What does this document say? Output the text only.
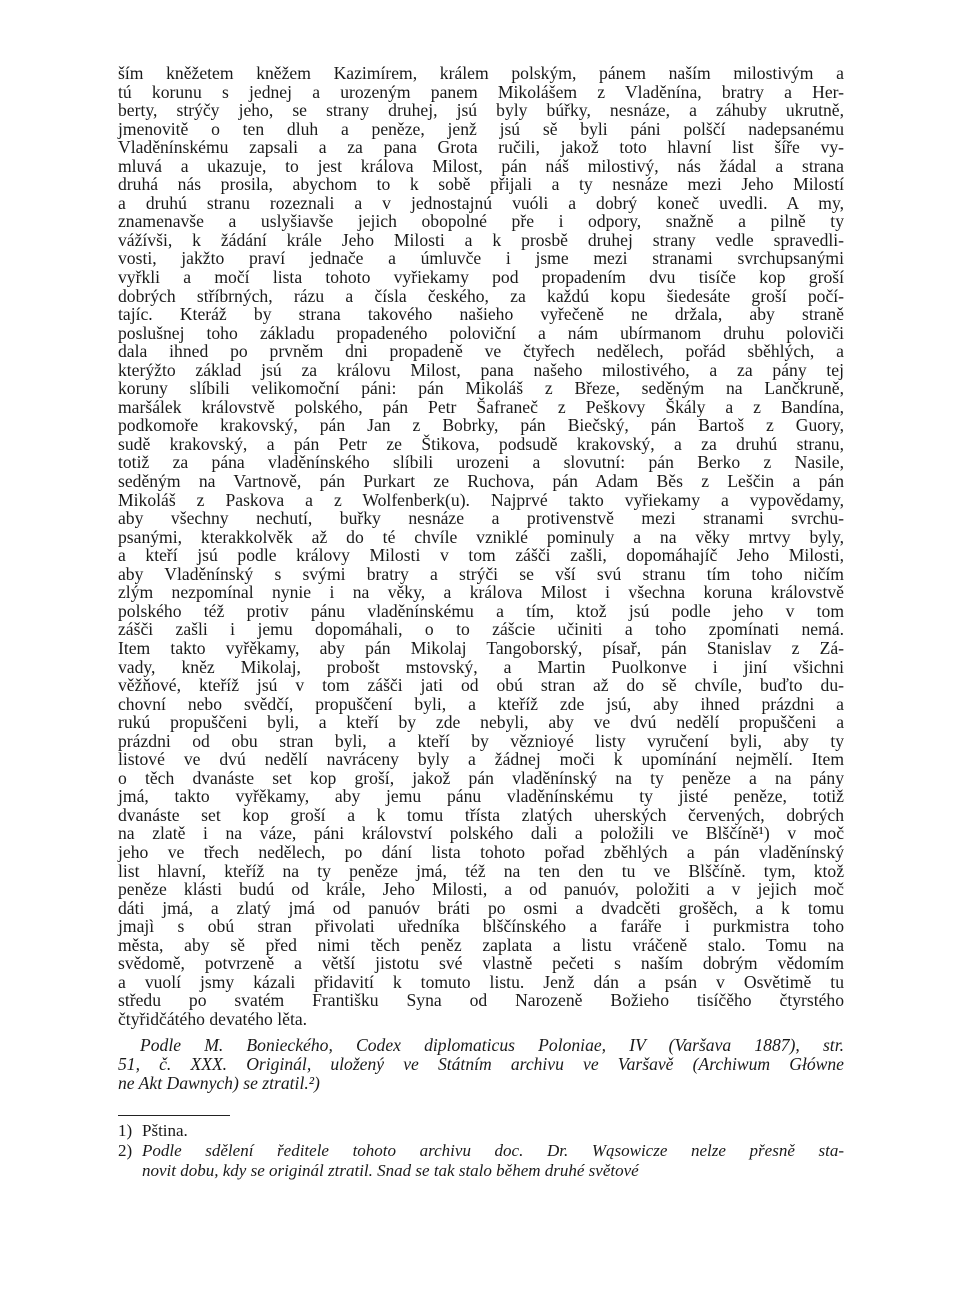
ším kněžetem kněžem Kazimírem, králem polským, pánem naším milostivým a
tú korunu s jednej a urozeným panem Mikolášem z Vladěnína, bratry a Her-
berty, strýčy jeho, se strany druhej, jsú byly búřky, nesnáze, a záhuby ukrutně,
jmenovitě o ten dluh a peněze, jenž jsú sě byli páni polščí nadepsanému
Vladěnínskému zapsali a za pana Grota ručili, jakož toto hlavní list šíře vy-
mluvá a ukazuje, to jest králova Milost, pán náš milostivý, nás žádal a strana
druhá nás prosila, abychom to k sobě přijali a ty nesnáze mezi Jeho Milostí
a druhú stranu rozeznali a v jednostajnú vuóli a dobrý koneč uvedli. A my,
znamenavše a uslyšiavše jejich obopolné pře i odpory, snažně a pilně ty
vážívši, k žádání krále Jeho Milosti a k prosbě druhej strany vedle spravedli-
vosti, jakžto praví jednače a úmluvče i jsme mezi stranami svrchupsanými
vyřkli a močí lista tohoto vyřiekamy pod propadením dvu tisíče kop groší
dobrých stříbrných, rázu a čísla českého, za každú kopu šiedesáte groší počí-
tajíc. Kteráž by strana takového našieho vyřečeně ne držala, aby straně
poslušnej toho základu propadeného poloviční a nám ubírmanom druhu poloviči
dala ihned po prvněm dni propadeně ve čtyřech nedělech, pořád sběhlých, a
kterýžto základ jsú za královu Milost, pana našeho milostivého, a za pány tej
koruny slíbili velikomoční páni: pán Mikoláš z Březe, seděným na Lančkruně,
maršálek královstvě polského, pán Petr Šafraneč z Peškovy Škály a z Bandína,
podkomoře krakovský, pán Jan z Bobrky, pán Biečský, pán Bartoš z Guory,
sudě krakovský, a pán Petr ze Štikova, podsudě krakovský, a za druhú stranu,
totiž za pána vladěnínského slíbili urozeni a slovutní: pán Berko z Nasile,
seděným na Vartnově, pán Purkart ze Ruchova, pán Adam Běs z Leščin a pán
Mikoláš z Paskova a z Wolfenberk(u). Najprvé takto vyřiekamy a vypovědamy,
aby všechny nechutí, buřky nesnáze a protivenstvě mezi stranami svrchu-
psanými, kterakkolvěk až do té chvíle vzniklé pominuly a na věky mrtvy byly,
a kteří jsú podle královy Milosti v tom zášči zašli, dopomáhajíč Jeho Milosti,
aby Vladěnínský s svými bratry a strýči se vší svú stranu tím toho ničím
zlým nezpomínal nynie i na věky, a králova Milost i všechna koruna královstvě
polského též protiv pánu vladěnínskému a tím, ktož jsú podle jeho v tom
zášči zašli i jemu dopomáhali, o to zášcie učiniti a toho zpomínati nemá.
Item takto vyřěkamy, aby pán Mikolaj Tangoborský, písař, pán Stanislav z Zá-
vady, kněz Mikolaj, probošt mstovský, a Martin Puolkonve i jiní všichni
věžňové, kteříž jsú v tom zášči jati od obú stran až do sě chvíle, buďto du-
chovní nebo svědčí, propuščení byli, a kteříž zde jsú, aby ihned prázdni a
rukú propuščeni byli, a kteří by zde nebyli, aby ve dvú nedělí propuščeni a
prázdni od obu stran byli, a kteří by věznioyé listy vyručení byli, aby ty
listové ve dvú nedělí navráceny byly a žádnej moči k upomínání nejmělí. Item
o těch dvanáste set kop groší, jakož pán vladěnínský na ty peněze a na pány
jmá, takto vyřěkamy, aby jemu pánu vladěnínskému ty jisté peněze, totiž
dvanáste set kop groší a k tomu třísta zlatých uherských červených, dobrých
na zlatě i na váze, páni království polského dali a položili ve Blščíně¹) v moč
jeho ve třech nedělech, po dání lista tohoto pořad zběhlých a pán vladěnínský
list hlavní, kteříž na ty peněze jmá, též na ten den tu ve Blščíně. tym, ktož
peněze klásti budú od krále, Jeho Milosti, a od panuóv, položiti a v jejich moč
dáti jmá, a zlatý jmá od panuóv bráti po osmi a dvadcěti grošěch, a k tomu
jmajì s obú stran přivolati uředníka blščínského a faráře i purkmistra toho
města, aby sě před nimi těch peněz zaplata a listu vráčeně stalo. Tomu na
svědomě, potvrzeně a větší jistotu své vlastně pečeti s naším dobrým vědomím
a vuolí jsmy kázali přidavití k tomuto listu. Jenž dán a psán v Osvětimě tu
středu po svatém Františku Syna od Narozeně Božieho tisíčěho čtyrstého
čtyřidčátého devatého lěta.
Podle M. Bonieckého, Codex diplomaticus Poloniae, IV (Varšava 1887), str.
51, č. XXX. Originál, uložený ve Státním archivu ve Varšavě (Archiwum Główne
ne Akt Dawnych) se ztratil.²)
1) Pština.
2) Podle sdělení ředitele tohoto archivu doc. Dr. Wąsowicze nelze přesně sta-
novit dobu, kdy se originál ztratil. Snad se tak stalo během druhé světové
